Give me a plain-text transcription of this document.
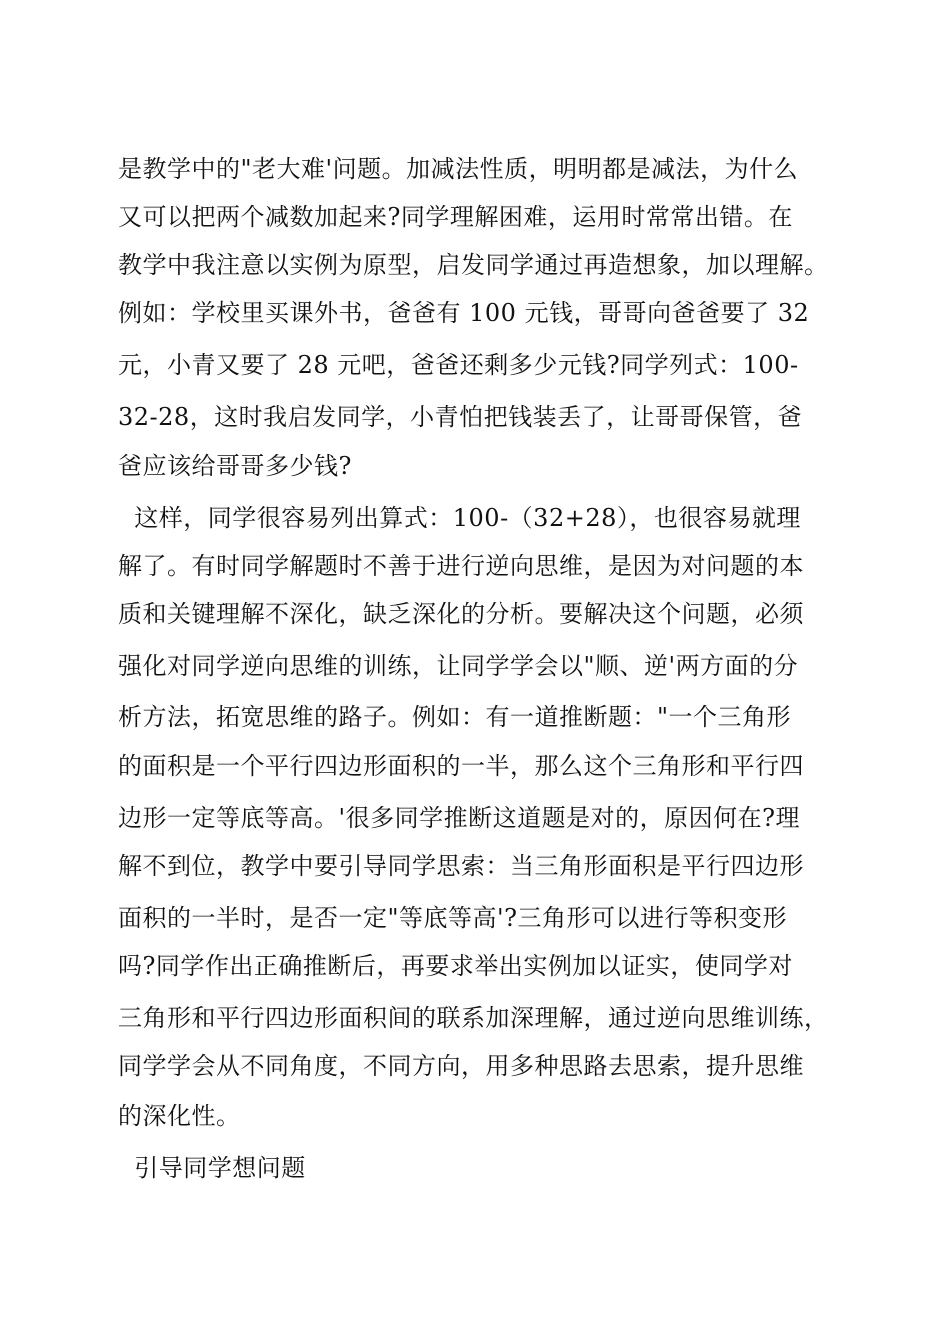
是教学中的"老大难'问题。加减法性质，明明都是减法，为什么
又可以把两个减数加起来?同学理解困难，运用时常常出错。在
教学中我注意以实例为原型，启发同学通过再造想象，加以理解。
例如：学校里买课外书，爸爸有 100 元钱，哥哥向爸爸要了 32
元，小青又要了 28 元吧，爸爸还剩多少元钱?同学列式：100-
32-28，这时我启发同学，小青怕把钱装丢了，让哥哥保管，爸
爸应该给哥哥多少钱?
这样，同学很容易列出算式：100-（32+28），也很容易就理
解了。有时同学解题时不善于进行逆向思维，是因为对问题的本
质和关键理解不深化，缺乏深化的分析。要解决这个问题，必须
强化对同学逆向思维的训练，让同学学会以"顺、逆'两方面的分
析方法，拓宽思维的路子。例如：有一道推断题："一个三角形
的面积是一个平行四边形面积的一半，那么这个三角形和平行四
边形一定等底等高。'很多同学推断这道题是对的，原因何在?理
解不到位，教学中要引导同学思索：当三角形面积是平行四边形
面积的一半时，是否一定"等底等高'?三角形可以进行等积变形
吗?同学作出正确推断后，再要求举出实例加以证实，使同学对
三角形和平行四边形面积间的联系加深理解，通过逆向思维训练，
同学学会从不同角度，不同方向，用多种思路去思索，提升思维
的深化性。
引导同学想问题
